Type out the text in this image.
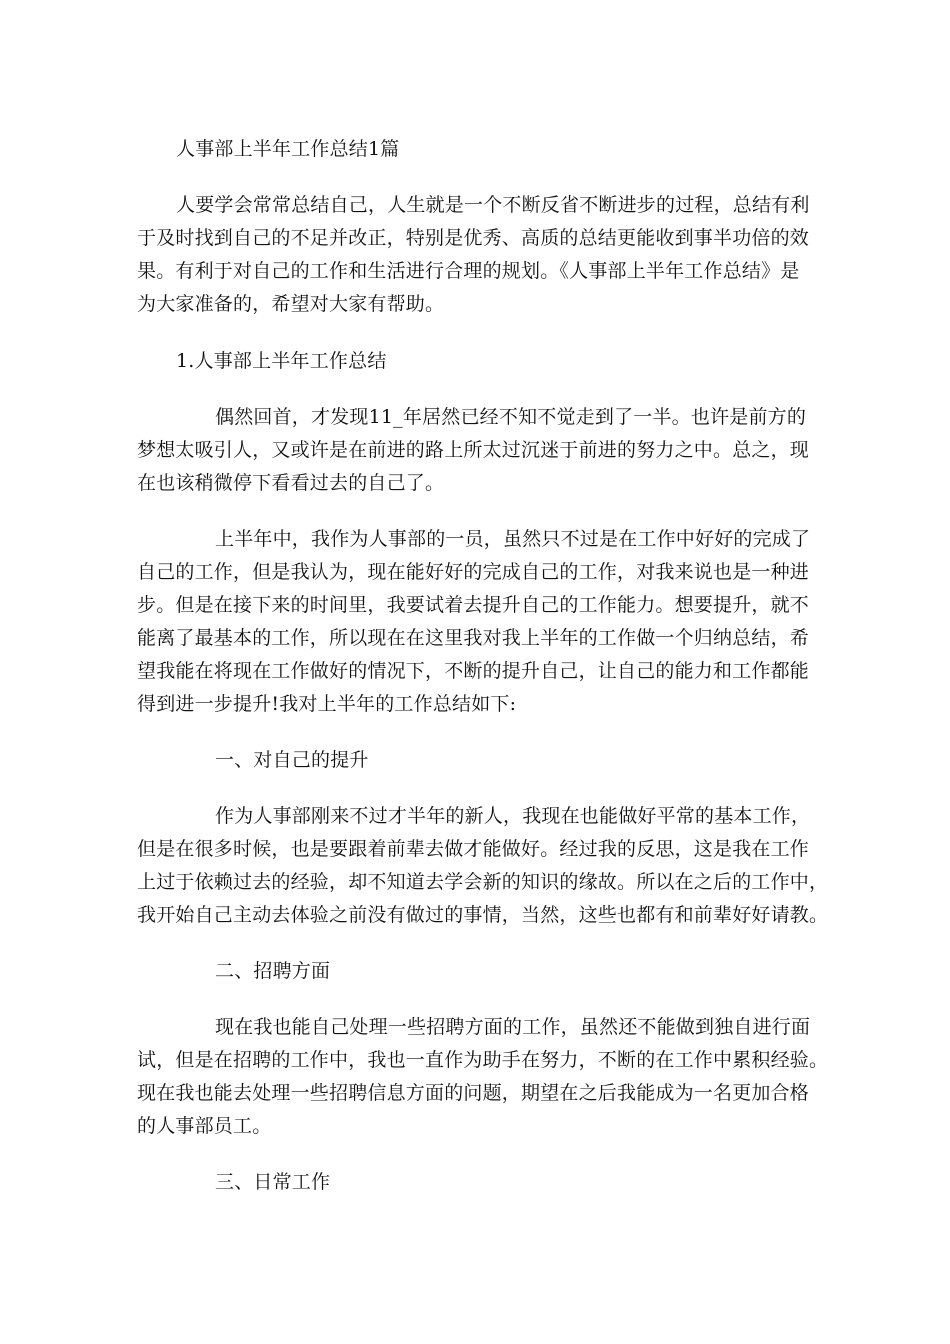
人事部上半年工作总结1篇
人要学会常常总结自己，人生就是一个不断反省不断进步的过程，总结有利
于及时找到自己的不足并改正，特别是优秀、高质的总结更能收到事半功倍的效
果。有利于对自己的工作和生活进行合理的规划。《人事部上半年工作总结》是
为大家准备的，希望对大家有帮助。
1.人事部上半年工作总结
偶然回首，才发现11_年居然已经不知不觉走到了一半。也许是前方的
梦想太吸引人，又或许是在前进的路上所太过沉迷于前进的努力之中。总之，现
在也该稍微停下看看过去的自己了。
上半年中，我作为人事部的一员，虽然只不过是在工作中好好的完成了
自己的工作，但是我认为，现在能好好的完成自己的工作，对我来说也是一种进
步。但是在接下来的时间里，我要试着去提升自己的工作能力。想要提升，就不
能离了最基本的工作，所以现在在这里我对我上半年的工作做一个归纳总结，希
望我能在将现在工作做好的情况下，不断的提升自己，让自己的能力和工作都能
得到进一步提升!我对上半年的工作总结如下:
一、对自己的提升
作为人事部刚来不过才半年的新人，我现在也能做好平常的基本工作，
但是在很多时候，也是要跟着前辈去做才能做好。经过我的反思，这是我在工作
上过于依赖过去的经验，却不知道去学会新的知识的缘故。所以在之后的工作中，
我开始自己主动去体验之前没有做过的事情，当然，这些也都有和前辈好好请教。
二、招聘方面
现在我也能自己处理一些招聘方面的工作，虽然还不能做到独自进行面
试，但是在招聘的工作中，我也一直作为助手在努力，不断的在工作中累积经验。
现在我也能去处理一些招聘信息方面的问题，期望在之后我能成为一名更加合格
的人事部员工。
三、日常工作
